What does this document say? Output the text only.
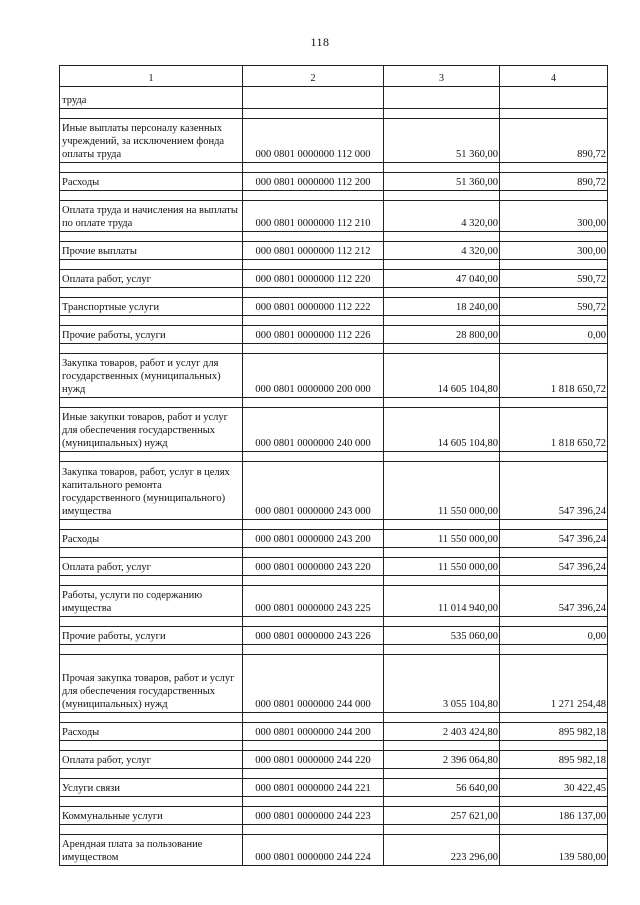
118
1	2	3	4
труда			

Иные выплаты персоналу казенных учреждений, за исключением фонда оплаты труда	000 0801 0000000 112 000	51 360,00	890,72

Расходы	000 0801 0000000 112 200	51 360,00	890,72

Оплата труда и начисления на выплаты по оплате труда	000 0801 0000000 112 210	4 320,00	300,00

Прочие выплаты	000 0801 0000000 112 212	4 320,00	300,00

Оплата работ, услуг	000 0801 0000000 112 220	47 040,00	590,72

Транспортные услуги	000 0801 0000000 112 222	18 240,00	590,72

Прочие работы, услуги	000 0801 0000000 112 226	28 800,00	0,00

Закупка товаров, работ и услуг для государственных (муниципальных) нужд	000 0801 0000000 200 000	14 605 104,80	1 818 650,72

Иные закупки товаров, работ и услуг для обеспечения государственных (муниципальных) нужд	000 0801 0000000 240 000	14 605 104,80	1 818 650,72

Закупка товаров, работ, услуг в целях капитального ремонта государственного (муниципального) имущества	000 0801 0000000 243 000	11 550 000,00	547 396,24

Расходы	000 0801 0000000 243 200	11 550 000,00	547 396,24

Оплата работ, услуг	000 0801 0000000 243 220	11 550 000,00	547 396,24

Работы, услуги по содержанию имущества	000 0801 0000000 243 225	11 014 940,00	547 396,24

Прочие работы, услуги	000 0801 0000000 243 226	535 060,00	0,00

Прочая закупка товаров, работ и услуг для обеспечения государственных (муниципальных) нужд	000 0801 0000000 244 000	3 055 104,80	1 271 254,48

Расходы	000 0801 0000000 244 200	2 403 424,80	895 982,18

Оплата работ, услуг	000 0801 0000000 244 220	2 396 064,80	895 982,18

Услуги связи	000 0801 0000000 244 221	56 640,00	30 422,45

Коммунальные услуги	000 0801 0000000 244 223	257 621,00	186 137,00

Арендная плата за пользование имуществом	000 0801 0000000 244 224	223 296,00	139 580,00
